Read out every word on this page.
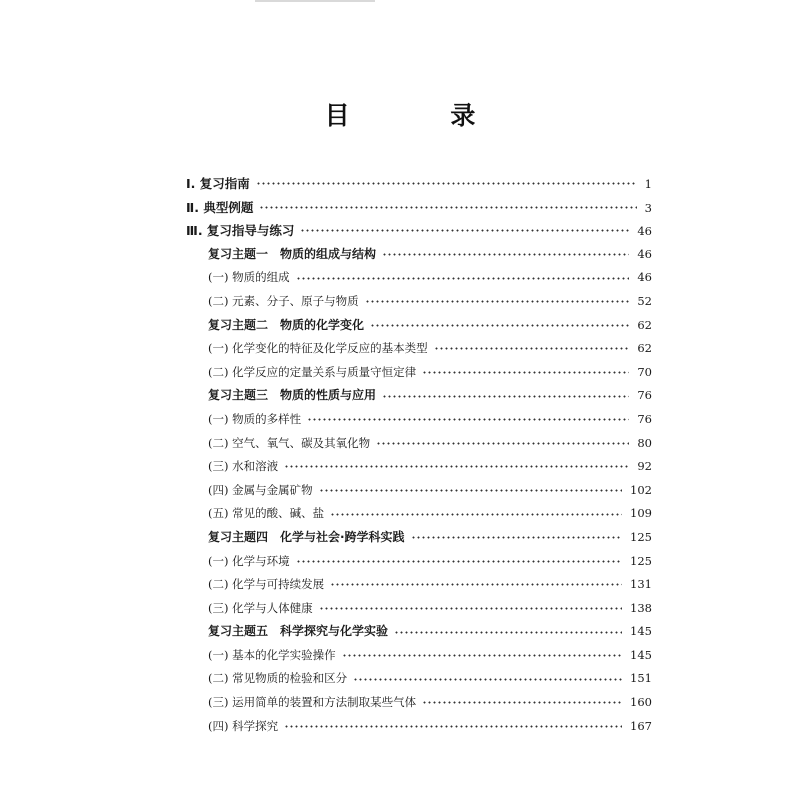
目 录
Ⅰ. 复习指南	1
Ⅱ. 典型例题	3
Ⅲ. 复习指导与练习	46
复习主题一　物质的组成与结构	46
(一) 物质的组成	46
(二) 元素、分子、原子与物质	52
复习主题二　物质的化学变化	62
(一) 化学变化的特征及化学反应的基本类型	62
(二) 化学反应的定量关系与质量守恒定律	70
复习主题三　物质的性质与应用	76
(一) 物质的多样性	76
(二) 空气、氧气、碳及其氧化物	80
(三) 水和溶液	92
(四) 金属与金属矿物	102
(五) 常见的酸、碱、盐	109
复习主题四　化学与社会·跨学科实践	125
(一) 化学与环境	125
(二) 化学与可持续发展	131
(三) 化学与人体健康	138
复习主题五　科学探究与化学实验	145
(一) 基本的化学实验操作	145
(二) 常见物质的检验和区分	151
(三) 运用简单的装置和方法制取某些气体	160
(四) 科学探究	167
